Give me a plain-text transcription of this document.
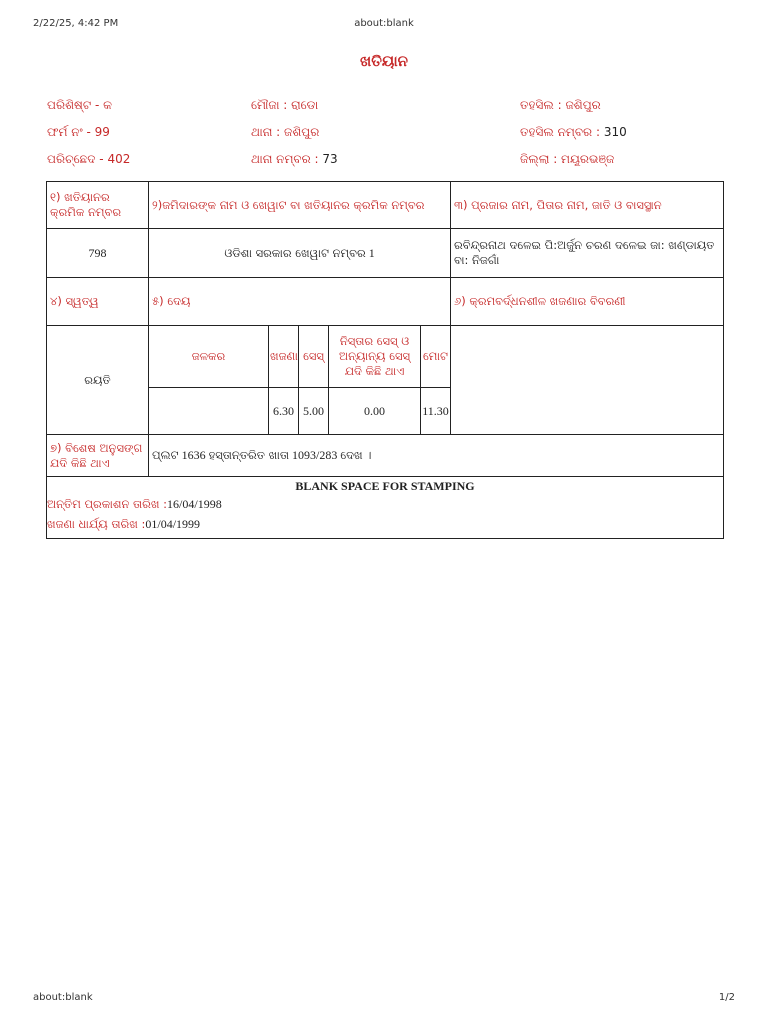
2/22/25, 4:42 PM	about:blank
ଖତିୟାନ
ପରିଶିଷ୍ଟ - କ	ମୌଜା : ରାଡୋ	ତହସିଲ : ଜଶିପୁର
ଫର୍ମ ନଂ - 99	ଥାନା : ଜଶିପୁର	ତହସିଲ ନମ୍ବର : 310
ପରିଚ୍ଛେଦ - 402	ଥାନା ନମ୍ବର : 73	ଜିଲ୍ଲା : ମୟୂରଭଞ୍ଜ
୧) ଖତିୟାନର କ୍ରମିକ ନମ୍ବର	୨)ଜମିଦାରଙ୍କ ନାମ ଓ ଖେୱାଟ ବା ଖତିୟାନର କ୍ରମିକ ନମ୍ବର					୩) ପ୍ରଜାର ନାମ, ପିତାର ନାମ, ଜାତି ଓ ବାସସ୍ଥାନ
798	ଓଡିଶା ସରକାର ଖେୱାଟ ନମ୍ବର 1					ରବିନ୍ଦ୍ରନାଥ ଦଳେଇ ପି:ଅର୍ଜୁନ ଚରଣ ଦଳେଇ ଜା: ଖଣ୍ଡାୟତ ବା: ନିଜଗାଁ
୪) ସ୍ୱତ୍ୱ	୫) ଦେୟ					୬) କ୍ରମବର୍ଦ୍ଧନଶୀଳ ଖଜଣାର ବିବରଣୀ
ରୟତି	ଜଳକର	ଖଜଣା	ସେସ୍	ନିସ୍ତାର ସେସ୍ ଓ ଅନ୍ୟାନ୍ୟ ସେସ୍ ଯଦି କିଛି ଥାଏ	ମୋଟ	
		6.30	5.00	0.00	11.30	
୭) ବିଶେଷ ଅନୁସଙ୍ଗ ଯଦି କିଛି ଥାଏ	ପ୍ଲଟ 1636 ହସ୍ତାନ୍ତରିତ ଖାତା 1093/283 ଦେଖ ।					

BLANK SPACE FOR STAMPING
ଅନ୍ତିମ ପ୍ରକାଶନ ତାରିଖ :16/04/1998
ଖଜଣା ଧାର୍ଯ୍ୟ ତାରିଖ :01/04/1999						
about:blank	1/2
